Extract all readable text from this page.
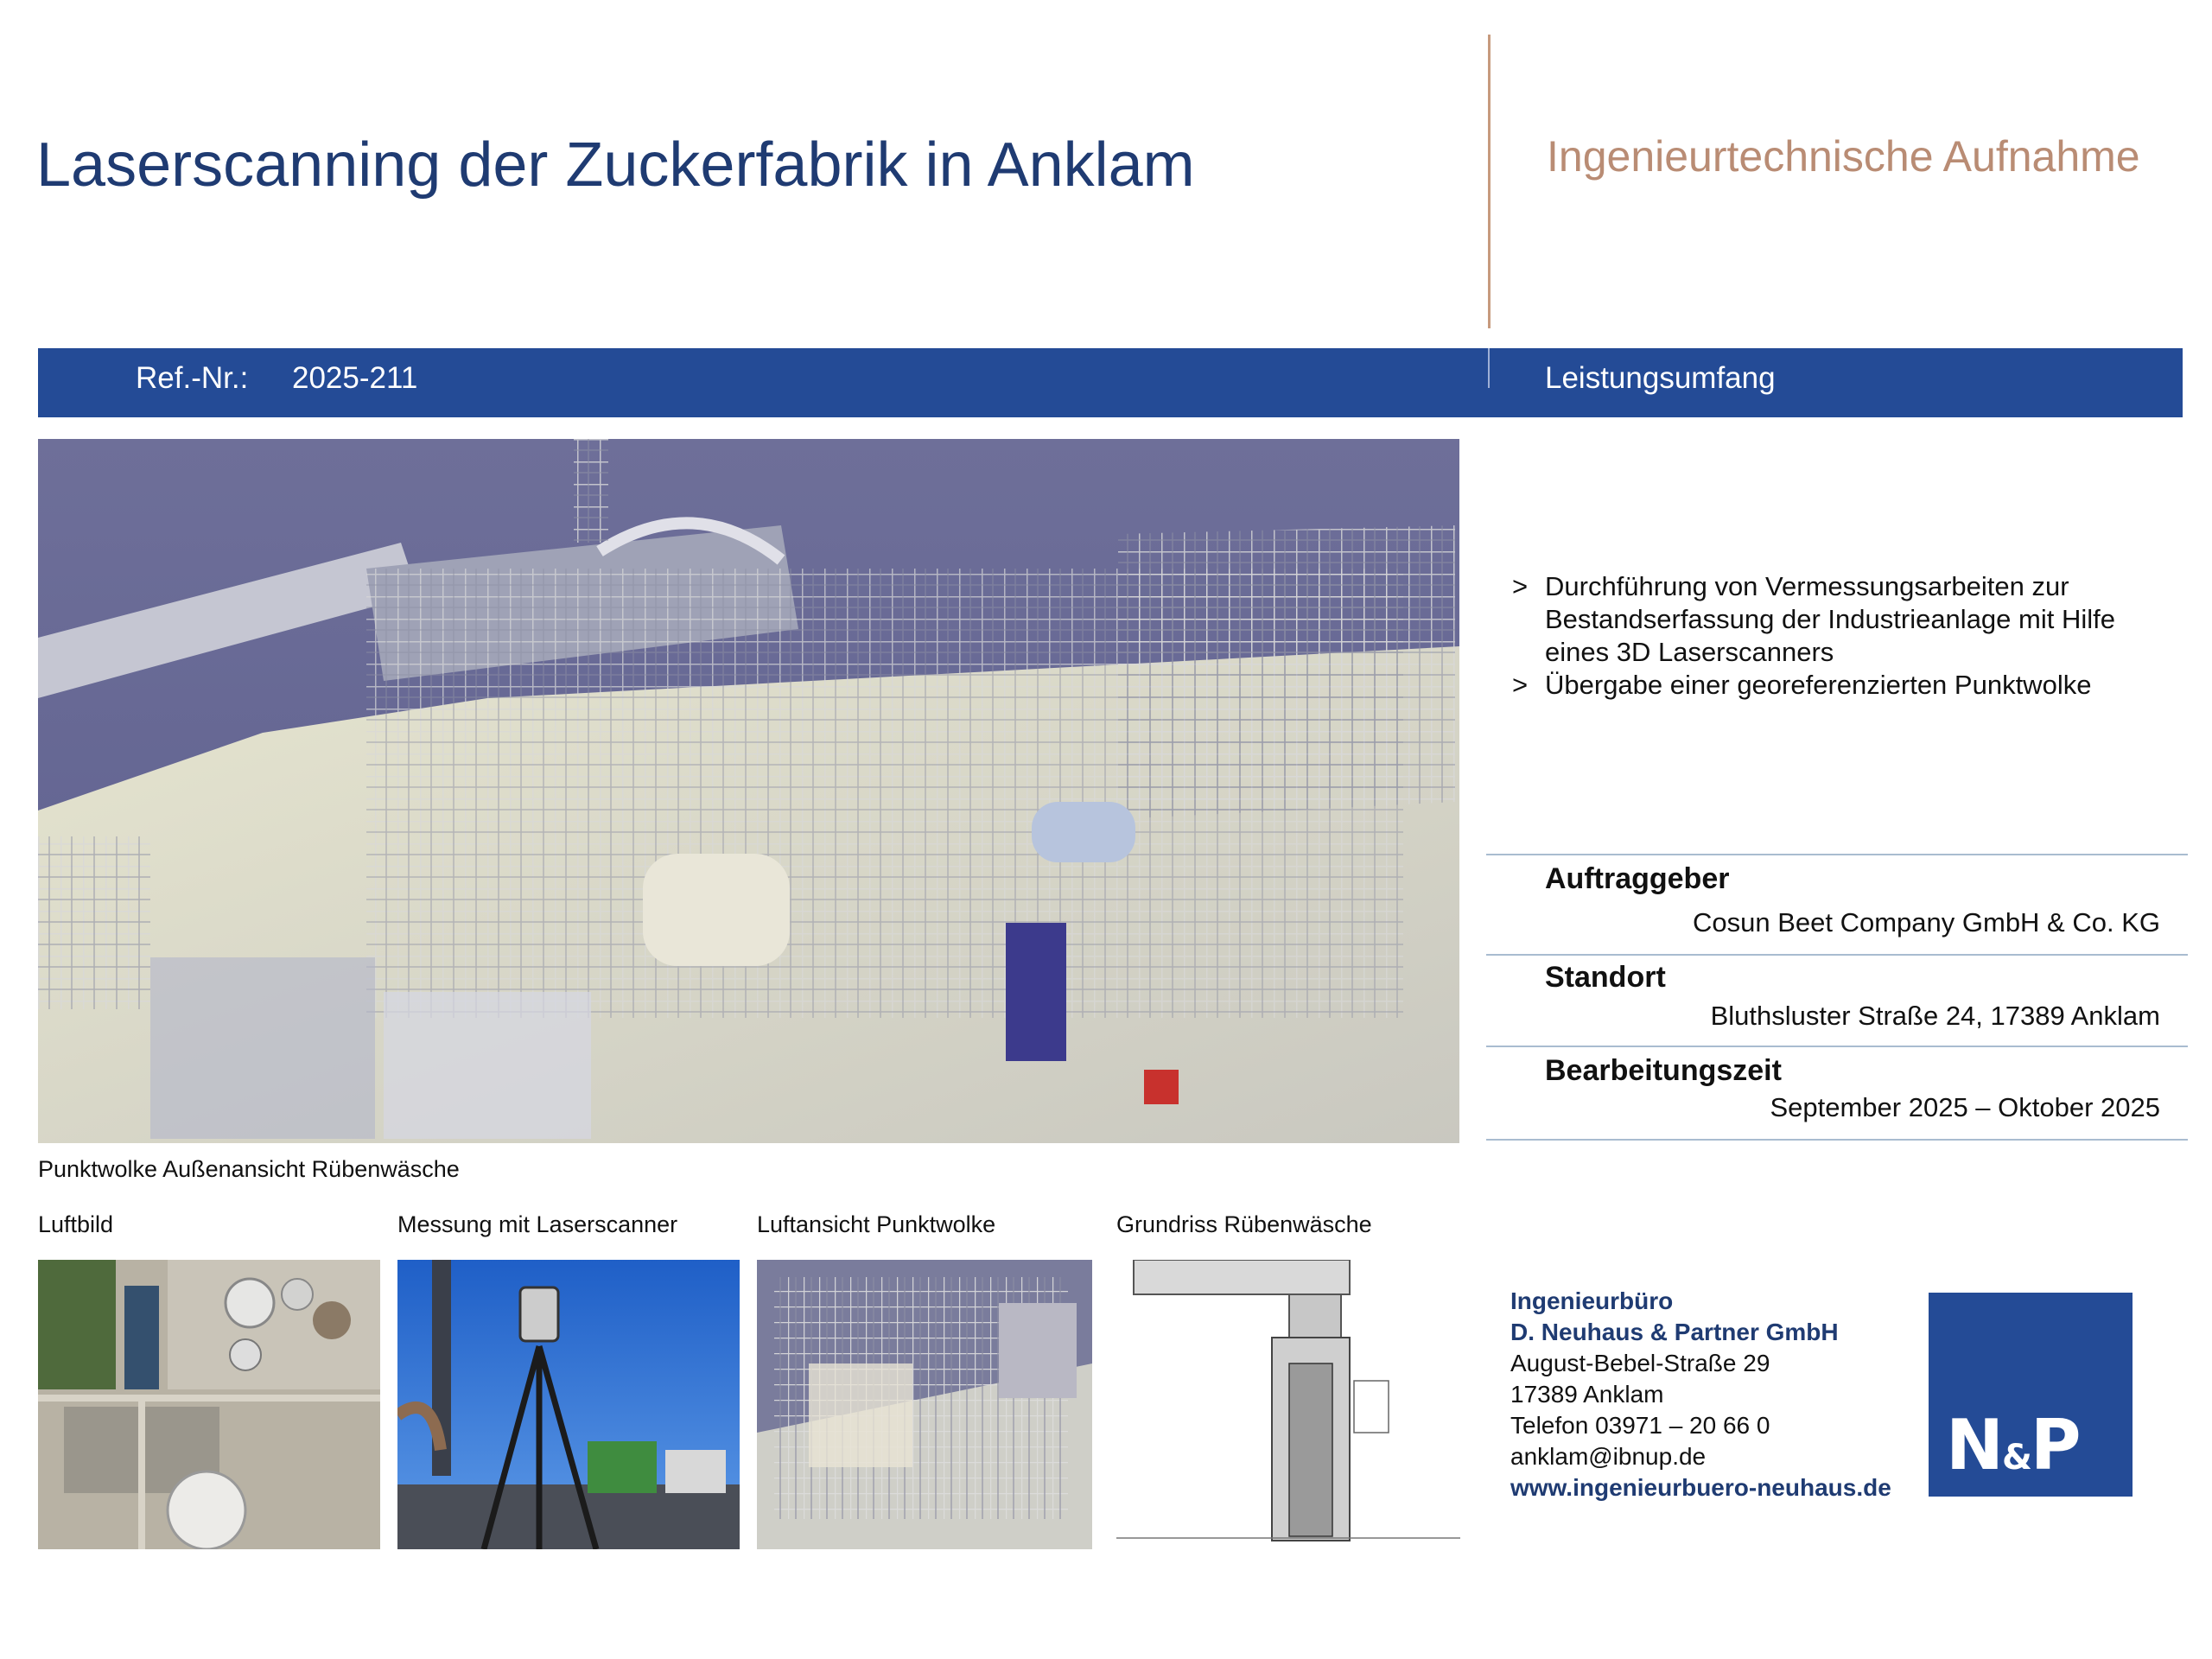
Laserscanning der Zuckerfabrik in Anklam	Ingenieurtechnische Aufnahme
Ref.-Nr.: 2025-211	Leistungsumfang
Punktwolke Außenansicht Rübenwäsche
> Durchführung von Vermessungsarbeiten zur Bestandserfassung der Industrieanlage mit Hilfe eines 3D Laserscanners
> Übergabe einer georeferenzierten Punktwolke
Auftraggeber
Cosun Beet Company GmbH & Co. KG
Standort
Bluthsluster Straße 24, 17389 Anklam
Bearbeitungszeit
September 2025 – Oktober 2025
Luftbild	Messung mit Laserscanner	Luftansicht Punktwolke	Grundriss Rübenwäsche
Ingenieurbüro
D. Neuhaus & Partner GmbH
August-Bebel-Straße 29
17389 Anklam
Telefon 03971 – 20 66 0
anklam@ibnup.de
www.ingenieurbuero-neuhaus.de
N&P
